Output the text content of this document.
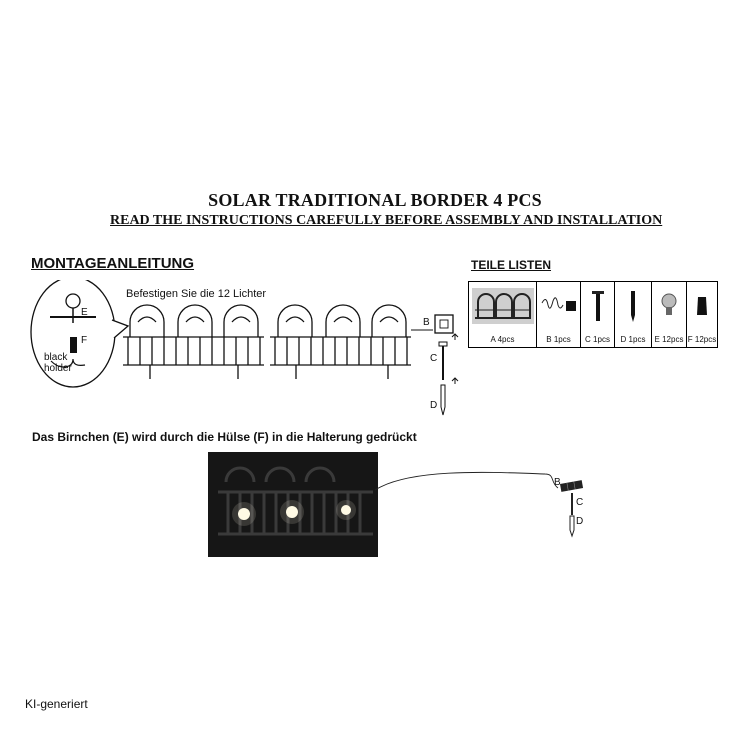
SOLAR TRADITIONAL BORDER 4 PCS
READ THE INSTRUCTIONS CAREFULLY BEFORE ASSEMBLY AND INSTALLATION
MONTAGEANLEITUNG	TEILE LISTEN
A 4pcs	B 1pcs C 1pcs D 1pcs E 12pcs F 12pcs
Befestigen Sie die 12 Lichter
E
F
black holder
B
C
D
Das Birnchen (E) wird durch die Hülse (F) in die Halterung gedrückt
B
C
D
KI-generiert
